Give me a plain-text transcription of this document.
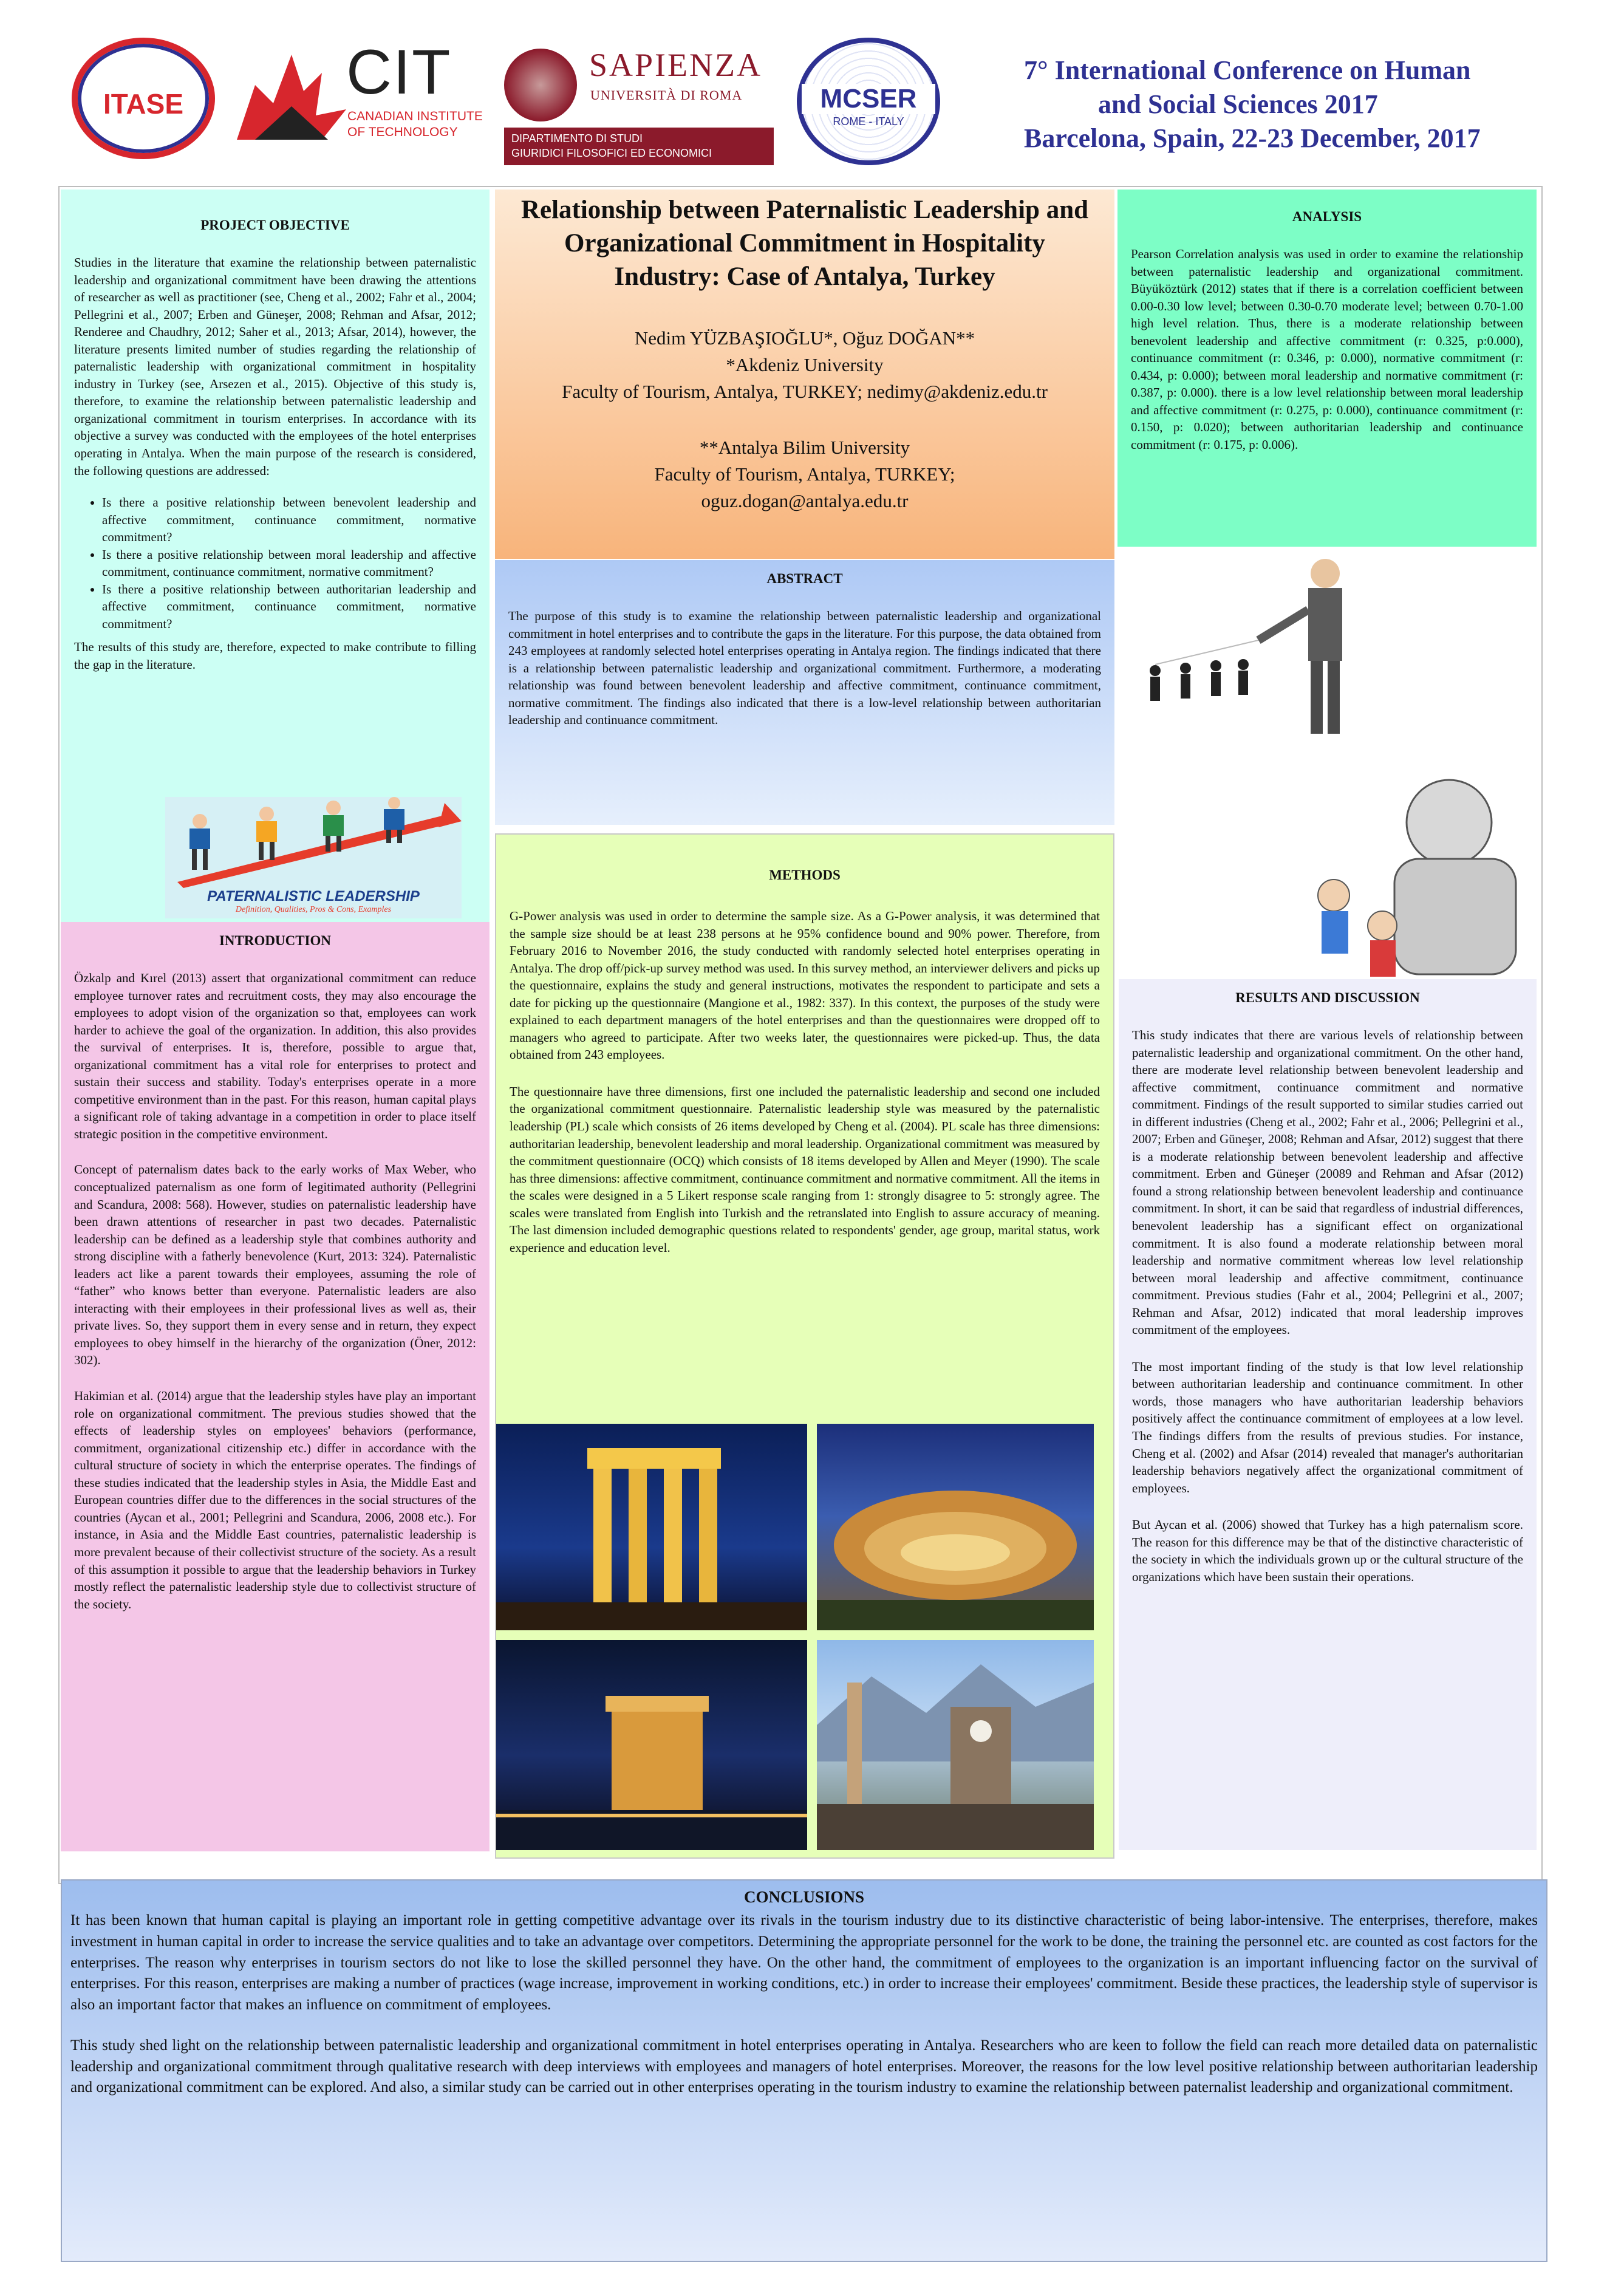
ITASE	CIT
CANADIAN INSTITUTE
OF TECHNOLOGY
SAPIENZA
UNIVERSITÀ DI ROMA
DIPARTIMENTO DI STUDI
GIURIDICI FILOSOFICI ED ECONOMICI
MCSER
ROME - ITALY
7° International Conference on Human
and Social Sciences 2017
Barcelona, Spain, 22-23 December, 2017
PROJECT OBJECTIVE

Studies in the literature that examine the relationship between paternalistic leadership and organizational commitment have been drawing the attentions of researcher as well as practitioner (see, Cheng et al., 2002; Fahr et al., 2004; Pellegrini et al., 2007; Erben and Güneşer, 2008; Rehman and Afsar, 2012; Renderee and Chaudhry, 2012; Saher et al., 2013; Afsar, 2014), however, the literature presents limited number of studies regarding the relationship of paternalistic leadership with organizational commitment in hospitality industry in Turkey (see, Arsezen et al., 2015). Objective of this study is, therefore, to examine the relationship between paternalistic leadership and organizational commitment in tourism enterprises. In accordance with its objective a survey was conducted with the employees of the hotel enterprises operating in Antalya. When the main purpose of the research is considered, the following questions are addressed:

• Is there a positive relationship between benevolent leadership and affective commitment, continuance commitment, normative commitment?
• Is there a positive relationship between moral leadership and affective commitment, continuance commitment, normative commitment?
• Is there a positive relationship between authoritarian leadership and affective commitment, continuance commitment, normative commitment?

The results of this study are, therefore, expected to make contribute to filling the gap in the literature.

PATERNALISTIC LEADERSHIP
Definition, Qualities, Pros & Cons, Examples
INTRODUCTION

Özkalp and Kırel (2013) assert that organizational commitment can reduce employee turnover rates and recruitment costs, they may also encourage the employees to adopt vision of the organization so that, employees can work harder to achieve the goal of the organization. In addition, this also provides the survival of enterprises. It is, therefore, possible to argue that, organizational commitment has a vital role for enterprises to protect and sustain their success and stability. Today's enterprises operate in a more competitive environment than in the past. For this reason, human capital plays a significant role of taking advantage in a competition in order to place itself strategic position in the competitive environment.

Concept of paternalism dates back to the early works of Max Weber, who conceptualized paternalism as one form of legitimated authority (Pellegrini and Scandura, 2008: 568). However, studies on paternalistic leadership have been drawn attentions of researcher in past two decades. Paternalistic leadership can be defined as a leadership style that combines authority and strong discipline with a fatherly benevolence (Kurt, 2013: 324). Paternalistic leaders act like a parent towards their employees, assuming the role of “father” who knows better than everyone. Paternalistic leaders are also interacting with their employees in their professional lives as well as, their private lives. So, they support them in every sense and in return, they expect employees to obey himself in the hierarchy of the organization (Öner, 2012: 302).

Hakimian et al. (2014) argue that the leadership styles have play an important role on organizational commitment. The previous studies showed that the effects of leadership styles on employees' behaviors (performance, commitment, organizational citizenship etc.) differ in accordance with the cultural structure of society in which the enterprise operates. The findings of these studies indicated that the leadership styles in Asia, the Middle East and European countries differ due to the differences in the social structures of the countries (Aycan et al., 2001; Pellegrini and Scandura, 2006, 2008 etc.). For instance, in Asia and the Middle East countries, paternalistic leadership is more prevalent because of their collectivist structure of the society. As a result of this assumption it possible to argue that the leadership behaviors in Turkey mostly reflect the paternalistic leadership style due to collectivist structure of the society.

Relationship between Paternalistic Leadership and Organizational Commitment in Hospitality Industry: Case of Antalya, Turkey

Nedim YÜZBAŞIOĞLU*, Oğuz DOĞAN**

*Akdeniz University

Faculty of Tourism, Antalya, TURKEY; nedimy@akdeniz.edu.tr

**Antalya Bilim University

Faculty of Tourism, Antalya, TURKEY;

oguz.dogan@antalya.edu.tr

ABSTRACT

The purpose of this study is to examine the relationship between paternalistic leadership and organizational commitment in hotel enterprises and to contribute the gaps in the literature. For this purpose, the data obtained from 243 employees at randomly selected hotel enterprises operating in Antalya region. The findings indicated that there is a relationship between paternalistic leadership and organizational commitment. Furthermore, a moderating relationship was found between benevolent leadership and affective commitment, continuance commitment, normative commitment. The findings also indicated that there is a low-level relationship between authoritarian leadership and continuance commitment.

METHODS

G-Power analysis was used in order to determine the sample size. As a G-Power analysis, it was determined that the sample size should be at least 238 persons at he 95% confidence bound and 90% power. Therefore, from February 2016 to November 2016, the study conducted with randomly selected hotel enterprises operating in Antalya. The drop off/pick-up survey method was used. In this survey method, an interviewer delivers and picks up the questionnaire, explains the study and general instructions, motivates the respondent to participate and sets a date for picking up the questionnaire (Mangione et al., 1982: 337). In this context, the purposes of the study were explained to each department managers of the hotel enterprises and than the questionnaires were dropped off to managers who agreed to participate. After two weeks later, the questionnaires were picked-up. Thus, the data obtained from 243 employees.

The questionnaire have three dimensions, first one included the paternalistic leadership and second one included the organizational commitment questionnaire. Paternalistic leadership style was measured by the paternalistic leadership (PL) scale which consists of 26 items developed by Cheng et al. (2004). PL scale has three dimensions: authoritarian leadership, benevolent leadership and moral leadership. Organizational commitment was measured by the commitment questionnaire (OCQ) which consists of 18 items developed by Allen and Meyer (1990). The scale has three dimensions: affective commitment, continuance commitment and normative commitment. All the items in the scales were designed in a 5 Likert response scale ranging from 1: strongly disagree to 5: strongly agree. The scales were translated from English into Turkish and the retranslated into English to assure accuracy of meaning. The last dimension included demographic questions related to respondents' gender, age group, marital status, work experience and education level.

ANALYSIS

Pearson Correlation analysis was used in order to examine the relationship between paternalistic leadership and organizational commitment. Büyüköztürk (2012) states that if there is a correlation coefficient between 0.00-0.30 low level; between 0.30-0.70 moderate level; between 0.70-1.00 high level relation. Thus, there is a moderate relationship between benevolent leadership and affective commitment (r: 0.325, p:0.000), continuance commitment (r: 0.346, p: 0.000), normative commitment (r: 0.434, p: 0.000); between moral leadership and normative commitment (r: 0.387, p: 0.000). there is a low level relationship between moral leadership and affective commitment (r: 0.275, p: 0.000), continuance commitment (r: 0.150, p: 0.020); between authoritarian leadership and continuance commitment (r: 0.175, p: 0.006).

RESULTS AND DISCUSSION

This study indicates that there are various levels of relationship between paternalistic leadership and organizational commitment. On the other hand, there are moderate level relationship between benevolent leadership and affective commitment, continuance commitment and normative commitment. Findings of the result supported to similar studies carried out in different industries (Cheng et al., 2002; Fahr et al., 2006; Pellegrini et al., 2007; Erben and Güneşer, 2008; Rehman and Afsar, 2012) suggest that there is a moderate relationship between benevolent leadership and affective commitment. Erben and Güneşer (20089 and Rehman and Afsar (2012) found a strong relationship between benevolent leadership and continuance commitment. In short, it can be said that regardless of industrial differences, benevolent leadership has a significant effect on organizational commitment. It is also found a moderate relationship between moral leadership and normative commitment whereas low level relationship between moral leadership and affective commitment, continuance commitment. Previous studies (Fahr et al., 2004; Pellegrini et al., 2007; Rehman and Afsar, 2012) indicated that moral leadership improves commitment of the employees.

The most important finding of the study is that low level relationship between authoritarian leadership and continuance commitment. In other words, those managers who have authoritarian leadership behaviors positively affect the continuance commitment of employees at a low level. The findings differs from the results of previous studies. For instance, Cheng et al. (2002) and Afsar (2014) revealed that manager's authoritarian leadership behaviors negatively affect the organizational commitment of employees.

But Aycan et al. (2006) showed that Turkey has a high paternalism score. The reason for this difference may be that of the distinctive characteristic of the society in which the individuals grown up or the cultural structure of the organizations which have been sustain their operations.

CONCLUSIONS

It has been known that human capital is playing an important role in getting competitive advantage over its rivals in the tourism industry due to its distinctive characteristic of being labor-intensive. The enterprises, therefore, makes investment in human capital in order to increase the service qualities and to take an advantage over competitors. Determining the appropriate personnel for the work to be done, the training the personnel etc. are counted as cost factors for the enterprises. The reason why enterprises in tourism sectors do not like to lose the skilled personnel they have. On the other hand, the commitment of employees to the organization is an important influencing factor on the survival of enterprises. For this reason, enterprises are making a number of practices (wage increase, improvement in working conditions, etc.) in order to increase their employees' commitment. Beside these practices, the leadership style of supervisor is also an important factor that makes an influence on commitment of employees.

This study shed light on the relationship between paternalistic leadership and organizational commitment in hotel enterprises operating in Antalya. Researchers who are keen to follow the field can reach more detailed data on paternalistic leadership and organizational commitment through qualitative research with deep interviews with employees and managers of hotel enterprises. Moreover, the reasons for the low level positive relationship between authoritarian leadership and organizational commitment can be explored. And also, a similar study can be carried out in other enterprises operating in the tourism industry to examine the relationship between paternalist leadership and organizational commitment.
